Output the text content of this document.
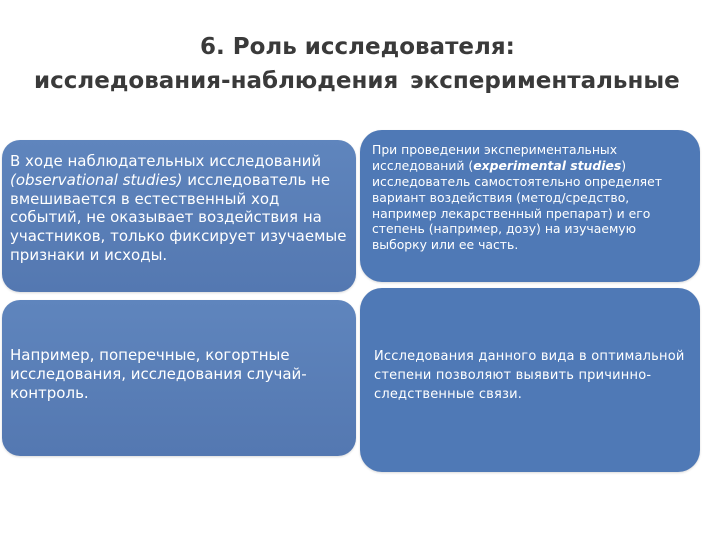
6. Роль исследователя:
исследования-наблюдения экспериментальные
В ходе наблюдательных исследований (observational studies) исследователь не вмешивается в естественный ход событий, не оказывает воздействия на участников, только фиксирует изучаемые признаки и исходы.
При проведении экспериментальных исследований (experimental studies) исследователь самостоятельно определяет вариант воздействия (метод/средство, например лекарственный препарат) и его степень (например, дозу) на изучаемую выборку или ее часть.
Например, поперечные, когортные исследования, исследования случай-контроль.
Исследования данного вида в оптимальной степени позволяют выявить причинно-следственные связи.
